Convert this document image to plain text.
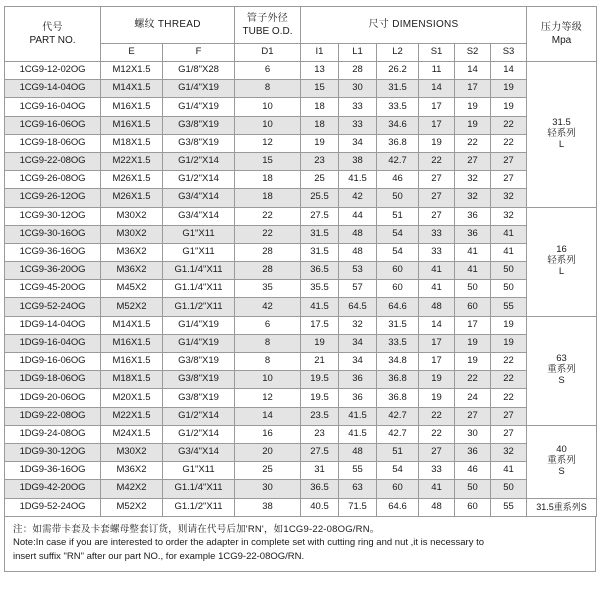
代号
PART NO.	螺纹 THREAD		管子外径
TUBE O.D.	尺寸 DIMENSIONS						压力等级
Mpa

	E	F	D1	I1	L1	L2	S1	S2	S3	
1CG9-12-02OG	M12X1.5	G1/8"X28	6	13	28	26.2	11	14	14	31.5
轻系列
L

1CG9-14-04OG	M14X1.5	G1/4"X19	8	15	30	31.5	14	17	19	
1CG9-16-04OG	M16X1.5	G1/4"X19	10	18	33	33.5	17	19	19	
1CG9-16-06OG	M16X1.5	G3/8"X19	10	18	33	34.6	17	19	22	
1CG9-18-06OG	M18X1.5	G3/8"X19	12	19	34	36.8	19	22	22	
1CG9-22-08OG	M22X1.5	G1/2"X14	15	23	38	42.7	22	27	27	
1CG9-26-08OG	M26X1.5	G1/2"X14	18	25	41.5	46	27	32	27	
1CG9-26-12OG	M26X1.5	G3/4"X14	18	25.5	42	50	27	32	32	
1CG9-30-12OG	M30X2	G3/4"X14	22	27.5	44	51	27	36	32	16
轻系列
L

1CG9-30-16OG	M30X2	G1"X11	22	31.5	48	54	33	36	41	
1CG9-36-16OG	M36X2	G1"X11	28	31.5	48	54	33	41	41	
1CG9-36-20OG	M36X2	G1.1/4"X11	28	36.5	53	60	41	41	50	
1CG9-45-20OG	M45X2	G1.1/4"X11	35	35.5	57	60	41	50	50	
1CG9-52-24OG	M52X2	G1.1/2"X11	42	41.5	64.5	64.6	48	60	55	
1DG9-14-04OG	M14X1.5	G1/4"X19	6	17.5	32	31.5	14	17	19	63
重系列
S

1DG9-16-04OG	M16X1.5	G1/4"X19	8	19	34	33.5	17	19	19	
1DG9-16-06OG	M16X1.5	G3/8"X19	8	21	34	34.8	17	19	22	
1DG9-18-06OG	M18X1.5	G3/8"X19	10	19.5	36	36.8	19	22	22	
1DG9-20-06OG	M20X1.5	G3/8"X19	12	19.5	36	36.8	19	24	22	
1DG9-22-08OG	M22X1.5	G1/2"X14	14	23.5	41.5	42.7	22	27	27	
1DG9-24-08OG	M24X1.5	G1/2"X14	16	23	41.5	42.7	22	30	27	40
重系列
S

1DG9-30-12OG	M30X2	G3/4"X14	20	27.5	48	51	27	36	32	
1DG9-36-16OG	M36X2	G1"X11	25	31	55	54	33	46	41	
1DG9-42-20OG	M42X2	G1.1/4"X11	30	36.5	63	60	41	50	50	
1DG9-52-24OG	M52X2	G1.1/2"X11	38	40.5	71.5	64.6	48	60	55	31.5重系列S
注：如需带卡套及卡套螺母整套订货，则请在代号后加'RN'，如1CG9-22-08OG/RN。
Note:In case if you are interested to order the adapter in complete set with cutting ring and nut ,it is necessary to
insert suffix "RN" after our part NO., for example 1CG9-22-08OG/RN.
